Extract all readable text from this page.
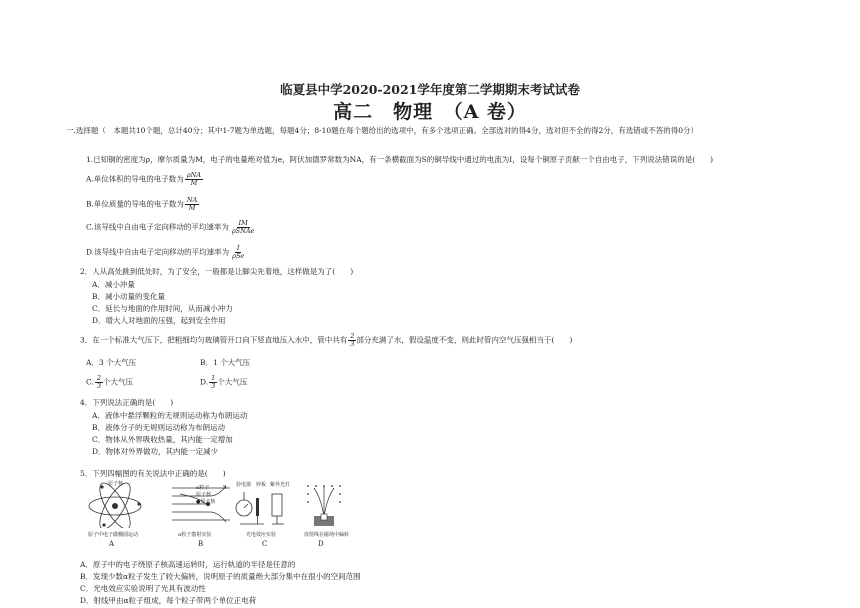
临夏县中学2020-2021学年度第二学期期末考试试卷
高二　物理　（A 卷）
一.选择题（　本题共10个题，总计40分；其中1-7题为单选题，每题4分；8-10题在每个题给出的选项中，有多个选项正确。全部选对的得4分，选对但不全的得2分，有选错或不答的得0分）
1.已知铜的密度为ρ，摩尔质量为M，电子的电量绝对值为e，阿伏加德罗常数为NA，有一条横截面为S的铜导线中通过的电流为I，设每个铜原子贡献一个自由电子，下列说法错误的是(　　)
A.单位体积的导电的电子数为 $\frac{\text{ρNA}}{M}$
B.单位质量的导电的电子数为 $\frac{NA}{M}$
C.该导线中自由电子定向移动的平均速率为 $\frac{IM}{\text{ρSNAe}}$
D.该导线中自由电子定向移动的平均速率为 $\frac{I}{\text{ρSe}}$
2．人从高处跳到低处时，为了安全，一般都是让脚尖先着地，这样做是为了(　　)
A．减小冲量
B．减小动量的变化量
C．延长与地面的作用时间，从而减小冲力
D．增大人对地面的压强，起到安全作用
3．在一个标准大气压下，把粗细均匀玻璃管开口向下竖直地压入水中，管中共有 $\frac{2}{3}$ 部分充满了水，假设温度不变，则此时管内空气压强相当于(　　)
A．3 个大气压	B．1 个大气压
C. $\frac{2}{3}$ 个大气压	D. $\frac{1}{3}$ 个大气压
4．下列说法正确的是(　　)
A．液体中悬浮颗粒的无规则运动称为布朗运动
B．液体分子的无规则运动称为布朗运动
C．物体从外界吸收热量，其内能一定增加
D．物体对外界做功，其内能一定减少
5．下列四幅图的有关说法中正确的是(　　)
原子核
α粒子
原子核
●原子核
验电器 锌板 紫外光灯
原子中电子做椭圆运动
A
α粒子散射实验
B
光电效应实验
C
放射线在磁场中偏转
D
A．原子中的电子绕原子核高速运转时，运行轨道的半径是任意的
B．发现少数α粒子发生了较大偏转，说明原子的质量绝大部分集中在很小的空间范围
C．光电效应实验说明了光具有波动性
D．射线甲由α粒子组成，每个粒子带两个单位正电荷
